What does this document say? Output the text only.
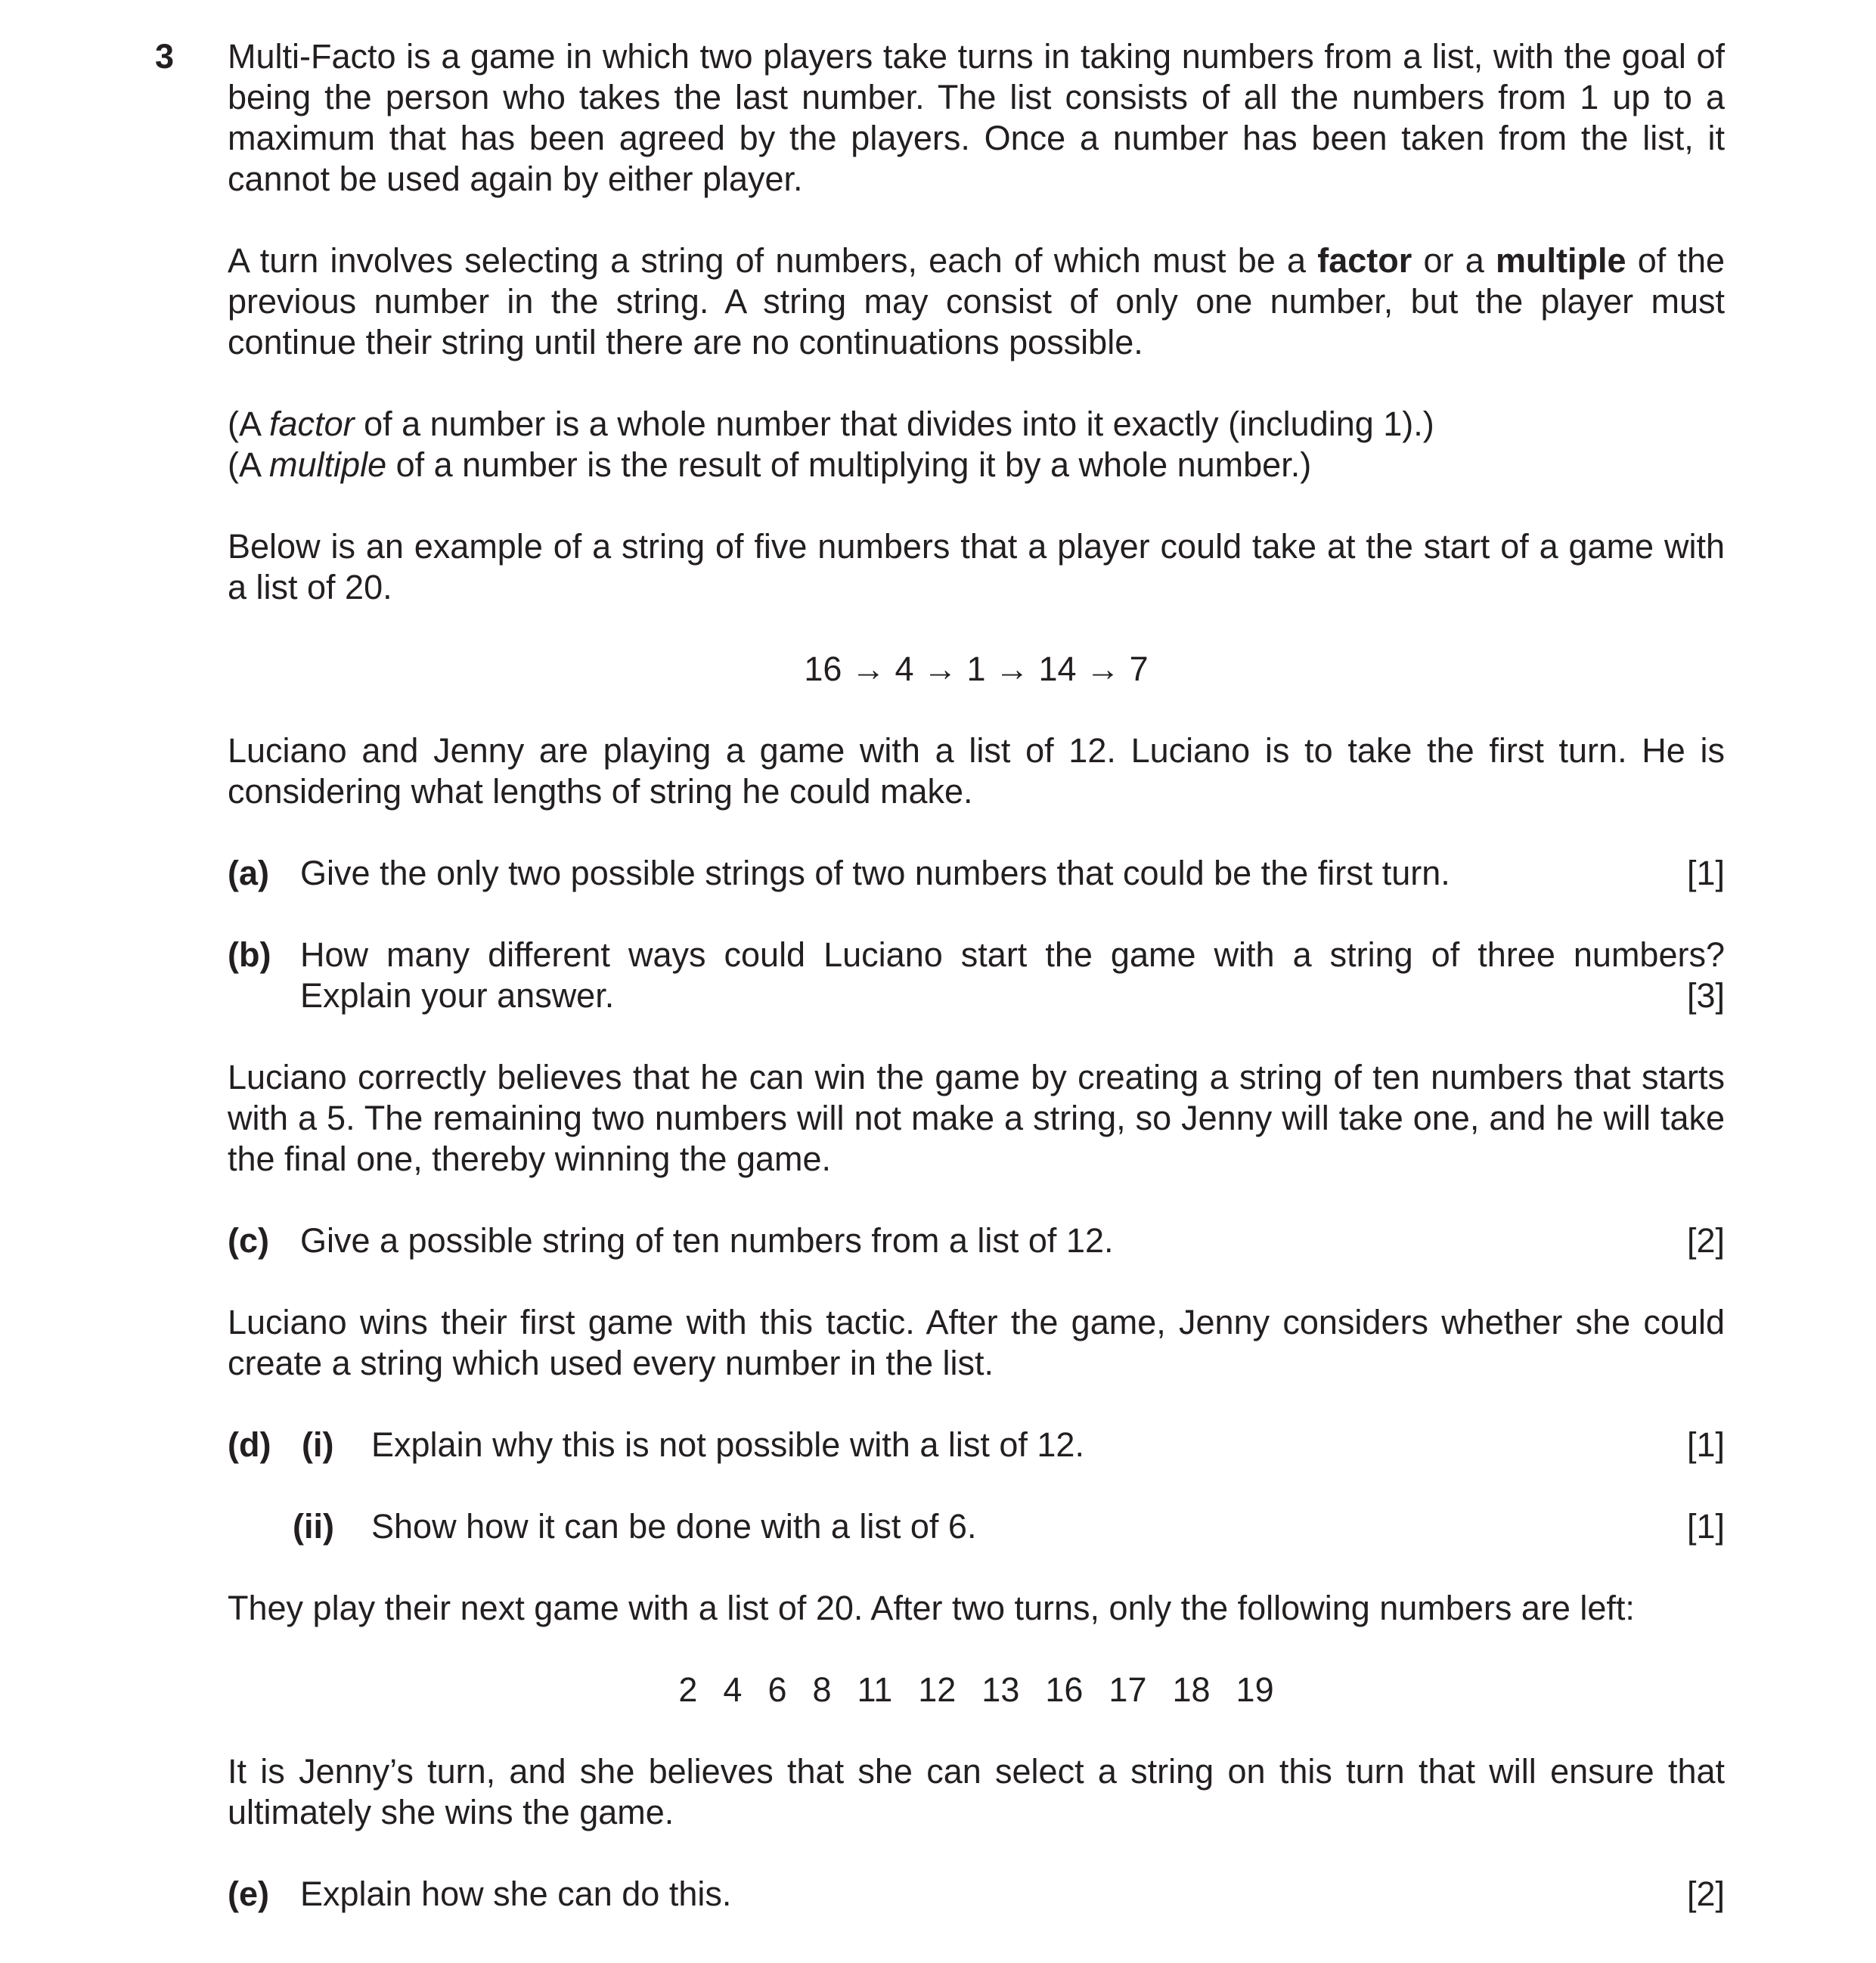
3 Multi-Facto is a game in which two players take turns in taking numbers from a list, with the goal of being the person who takes the last number. The list consists of all the numbers from 1 up to a maximum that has been agreed by the players. Once a number has been taken from the list, it cannot be used again by either player.

A turn involves selecting a string of numbers, each of which must be a factor or a multiple of the previous number in the string. A string may consist of only one number, but the player must continue their string until there are no continuations possible.

(A factor of a number is a whole number that divides into it exactly (including 1).)

(A multiple of a number is the result of multiplying it by a whole number.)

Below is an example of a string of five numbers that a player could take at the start of a game with a list of 20.

16 → 4 → 1 → 14 → 7

Luciano and Jenny are playing a game with a list of 12. Luciano is to take the first turn. He is considering what lengths of string he could make.

(a) Give the only two possible strings of two numbers that could be the first turn.	[1]
(b) How many different ways could Luciano start the game with a string of three numbers?
Explain your answer.	[3]

Luciano correctly believes that he can win the game by creating a string of ten numbers that starts with a 5. The remaining two numbers will not make a string, so Jenny will take one, and he will take the final one, thereby winning the game.

(c) Give a possible string of ten numbers from a list of 12.	[2]

Luciano wins their first game with this tactic. After the game, Jenny considers whether she could create a string which used every number in the list.

(d) (i) Explain why this is not possible with a list of 12.	[1]
(ii) Show how it can be done with a list of 6.	[1]

They play their next game with a list of 20. After two turns, only the following numbers are left:

2 4 6 8 11 12 13 16 17 18 19

It is Jenny’s turn, and she believes that she can select a string on this turn that will ensure that ultimately she wins the game.

(e) Explain how she can do this.	[2]
